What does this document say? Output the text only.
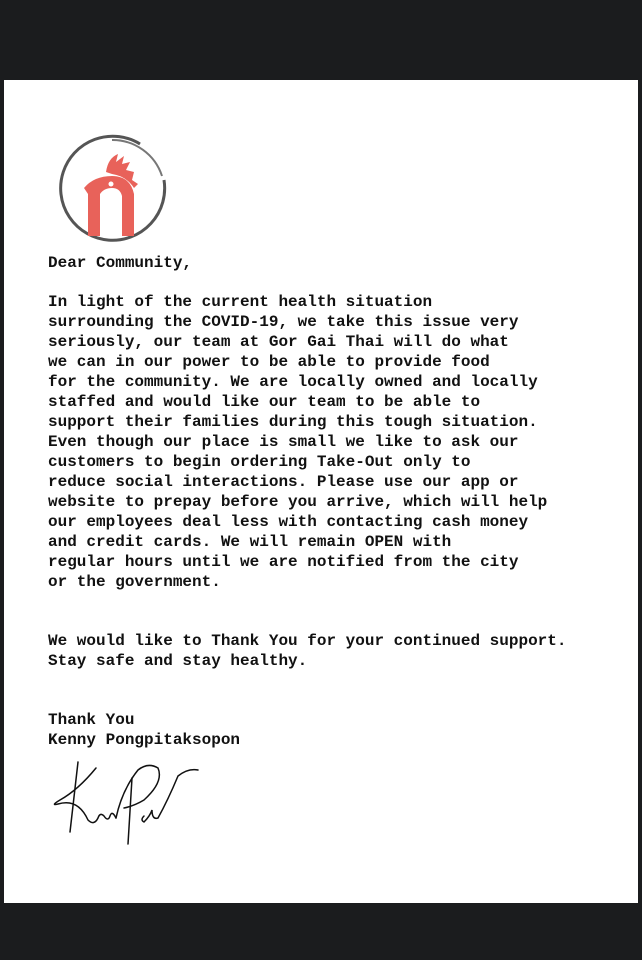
Dear Community,
In light of the current health situation
surrounding the COVID-19, we take this issue very
seriously, our team at Gor Gai Thai will do what
we can in our power to be able to provide food
for the community. We are locally owned and locally
staffed and would like our team to be able to
support their families during this tough situation.
Even though our place is small we like to ask our
customers to begin ordering Take-Out only to
reduce social interactions. Please use our app or
website to prepay before you arrive, which will help
our employees deal less with contacting cash money
and credit cards. We will remain OPEN with
regular hours until we are notified from the city
or the government.
We would like to Thank You for your continued support.
Stay safe and stay healthy.
Thank You
Kenny Pongpitaksopon
